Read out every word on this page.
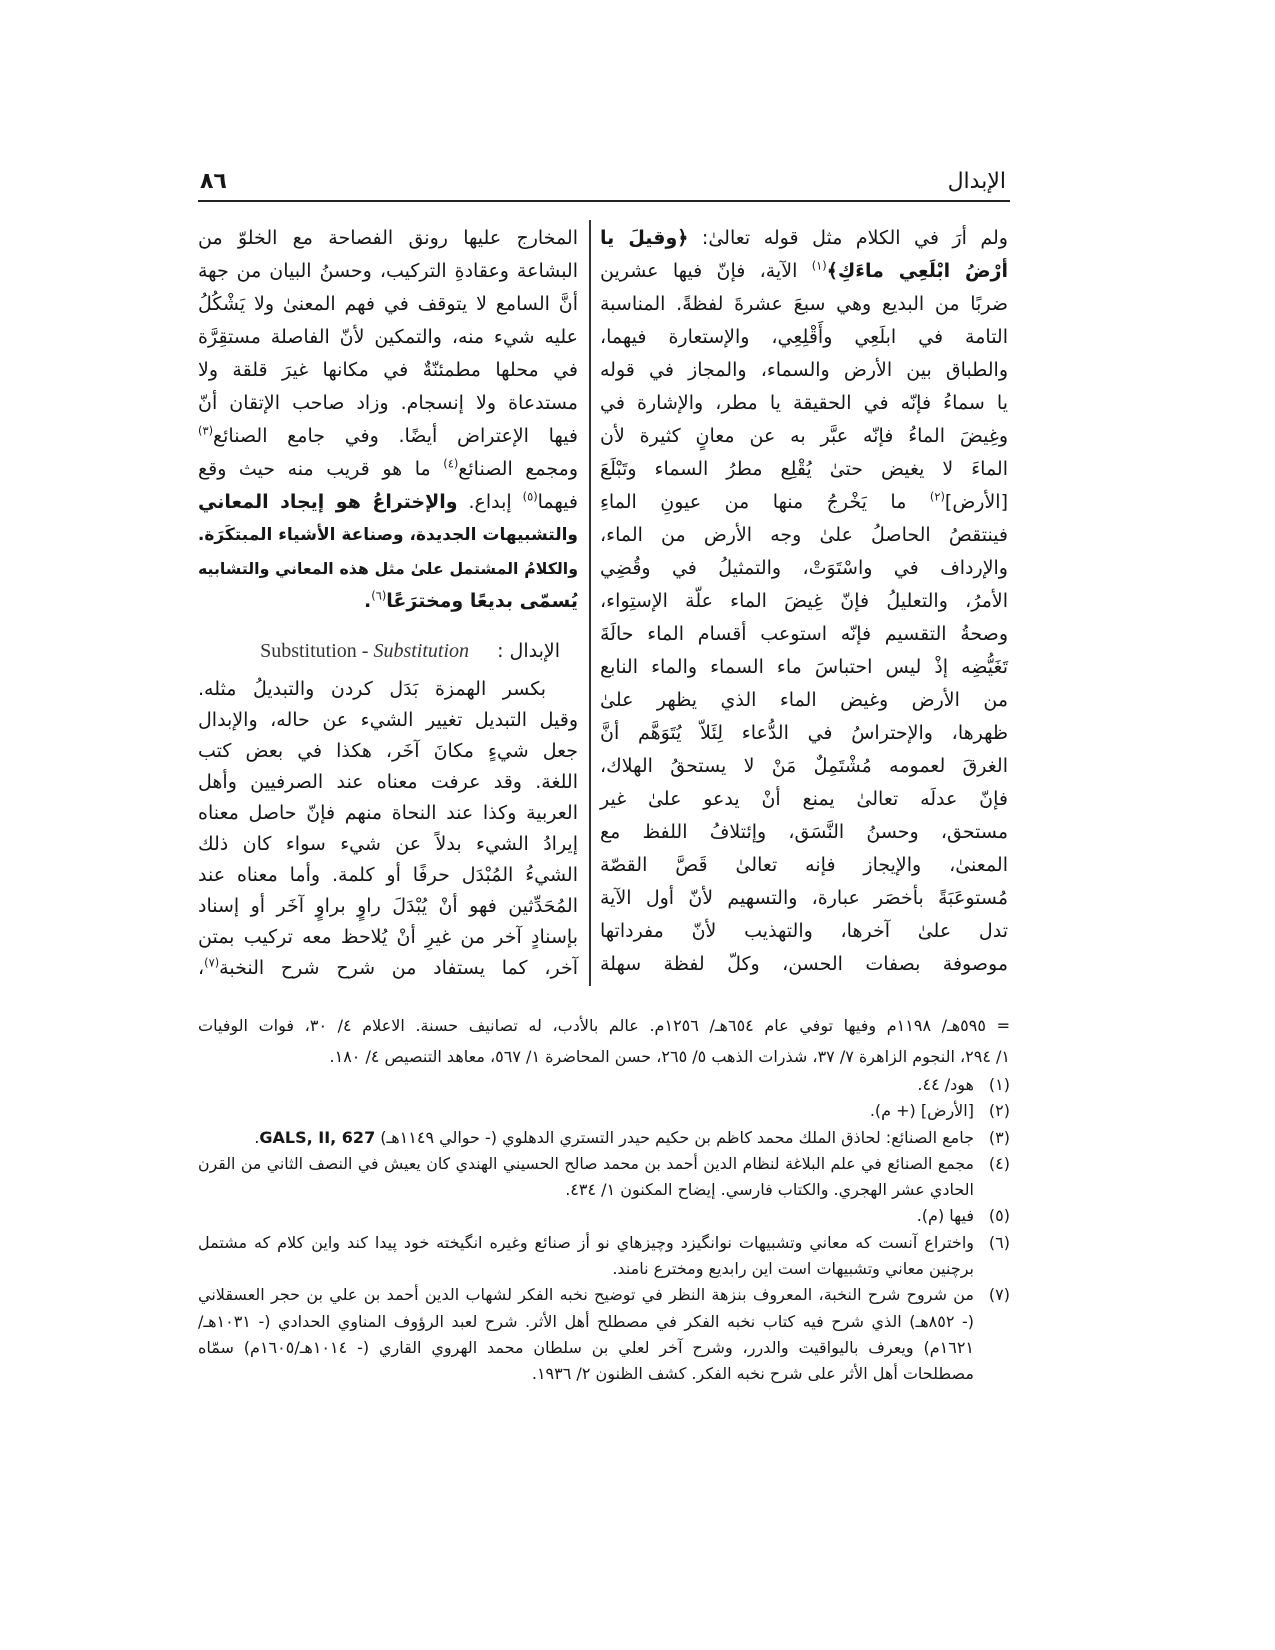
الإبدال
٨٦
ولم أرَ في الكلام مثل قوله تعالىٰ: ﴿وقيلَ يا
أرْضُ ابْلَعِي ماءَكِ﴾$^{(١)}$ الآية، فإنّ فيها عشرين
ضربًا من البديع وهي سبعَ عشرةَ لفظةً. المناسبة
التامة في ابلَعِي وأَقْلِعِي، والإستعارة فيهما،
والطباق بين الأرض والسماء، والمجاز في قوله
يا سماءُ فإنّه في الحقيقة يا مطر، والإشارة في
وغِيضَ الماءُ فإنّه عبَّر به عن معانٍ كثيرة لأن
الماءَ لا يغيض حتىٰ يُقْلِع مطرُ السماء وتَبْلَعَ
[الأرض]$^{(٢)}$ ما يَخْرجُ منها من عيونِ الماءِ
فينتقصُ الحاصلُ علىٰ وجه الأرض من الماء،
والإرداف في واسْتَوَتْ، والتمثيلُ في وقُضِي
الأمرُ، والتعليلُ فإنّ غِيضَ الماء علّة الإستِواء،
وصحةُ التقسيم فإنّه استوعب أقسام الماء حالَةَ
تَغَيُّضِه إذْ ليس احتباسَ ماء السماء والماء النابع
من الأرض وغيض الماء الذي يظهر علىٰ
ظهرها، والإحتراسُ في الدُّعاء لِئَلاّ يُتَوَهَّم أنَّ
الغرقَ لعمومه مُشْتَمِلٌ مَنْ لا يستحقُ الهلاك،
فإنّ عدلَه تعالىٰ يمنع أنْ يدعو علىٰ غير
مستحق، وحسنُ النَّسَق، وإئتلافُ اللفظ مع
المعنىٰ، والإيجاز فإنه تعالىٰ قَصَّ القصّة
مُستوعَبَةً بأخصَر عبارة، والتسهيم لأنّ أول الآية
تدل علىٰ آخرها، والتهذيب لأنّ مفرداتها
موصوفة بصفات الحسن، وكلّ لفظة سهلة
المخارج عليها رونق الفصاحة مع الخلوّ من
البشاعة وعقادةِ التركيب، وحسنُ البيان من جهة
أنَّ السامع لا يتوقف في فهم المعنىٰ ولا يَشْكُلُ
عليه شيء منه، والتمكين لأنّ الفاصلة مستقِرَّة
في محلها مطمئنّةٌ في مكانها غيرَ قلقة ولا
مستدعاة ولا إنسجام. وزاد صاحب الإتقان أنّ
فيها الإعتراض أيضًا. وفي جامع الصنائع$^{(٣)}$
ومجمع الصنائع$^{(٤)}$ ما هو قريب منه حيث وقع
فيهما$^{(٥)}$ إبداع. والإختراعُ هو إيجاد المعاني
والتشبيهات الجديدة، وصناعة الأشياء المبتكَرَة.
والكلامُ المشتمل علىٰ مثل هذه المعاني والتشابيه
يُسمّى بديعًا ومخترَعًا$^{(٦)}$.
الإبدال : Substitution - Substitution
بكسر الهمزة بَدَل كردن والتبديلُ مثله.
وقيل التبديل تغيير الشيء عن حاله، والإبدال
جعل شيءٍ مكانَ آخَر، هكذا في بعض كتب
اللغة. وقد عرفت معناه عند الصرفيين وأهل
العربية وكذا عند النحاة منهم فإنّ حاصل معناه
إيرادُ الشيء بدلاً عن شيء سواء كان ذلك
الشيءُ المُبْدَل حرفًا أو كلمة. وأما معناه عند
المُحَدِّثين فهو أنْ يُبْدَلَ راوٍ براوٍ آخَر أو إسناد
بإسنادٍ آخر من غيرِ أنْ يُلاحظ معه تركيب بمتن
آخر، كما يستفاد من شرح شرح النخبة$^{(٧)}$،
= ٥٩٥هـ/ ١١٩٨م وفيها توفي عام ٦٥٤هـ/ ١٢٥٦م. عالم بالأدب، له تصانيف حسنة. الاعلام ٤/ ٣٠، فوات الوفيات
١/ ٢٩٤، النجوم الزاهرة ٧/ ٣٧، شذرات الذهب ٥/ ٢٦٥، حسن المحاضرة ١/ ٥٦٧، معاهد التنصيص ٤/ ١٨٠.
(١)
هود/ ٤٤.
(٢)
[الأرض] (+ م).
(٣)
جامع الصنائع: لحاذق الملك محمد كاظم بن حكيم حيدر التستري الدهلوي (- حوالي ١١٤٩هـ) GALS, II, 627.
(٤)
مجمع الصنائع في علم البلاغة لنظام الدين أحمد بن محمد صالح الحسيني الهندي كان يعيش في النصف الثاني من القرن
الحادي عشر الهجري. والكتاب فارسي. إيضاح المكنون ١/ ٤٣٤.
(٥)
فيها (م).
(٦)
واختراع آنست كه معاني وتشبيهات نوانگيزد وچيزهاي نو أز صنائع وغيره انگيخته خود پيدا كند واين كلام كه مشتمل
برچنين معاني وتشبيهات است اين رابديع ومخترع نامند.
(٧)
من شروح شرح النخبة، المعروف بنزهة النظر في توضيح نخبه الفكر لشهاب الدين أحمد بن علي بن حجر العسقلاني
(- ٨٥٢هـ) الذي شرح فيه كتاب نخبه الفكر في مصطلح أهل الأثر. شرح لعبد الرؤوف المناوي الحدادي (- ١٠٣١هـ/
١٦٢١م) ويعرف باليواقيت والدرر، وشرح آخر لعلي بن سلطان محمد الهروي القاري (- ١٠١٤هـ/١٦٠٥م) سمّاه
مصطلحات أهل الأثر على شرح نخبه الفكر. كشف الظنون ٢/ ١٩٣٦.
